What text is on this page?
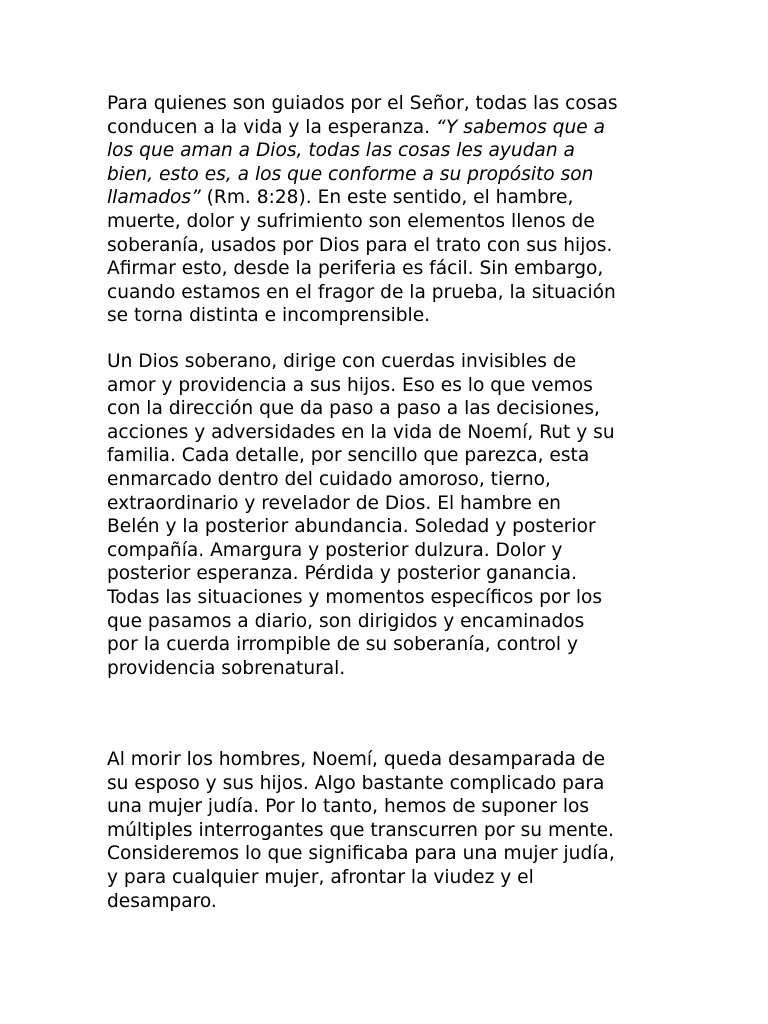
Para quienes son guiados por el Señor, todas las cosas
conducen a la vida y la esperanza. “Y sabemos que a
los que aman a Dios, todas las cosas les ayudan a
bien, esto es, a los que conforme a su propósito son
llamados” (Rm. 8:28). En este sentido, el hambre,
muerte, dolor y sufrimiento son elementos llenos de
soberanía, usados por Dios para el trato con sus hijos.
Afirmar esto, desde la periferia es fácil. Sin embargo,
cuando estamos en el fragor de la prueba, la situación
se torna distinta e incomprensible.

Un Dios soberano, dirige con cuerdas invisibles de
amor y providencia a sus hijos. Eso es lo que vemos
con la dirección que da paso a paso a las decisiones,
acciones y adversidades en la vida de Noemí, Rut y su
familia. Cada detalle, por sencillo que parezca, esta
enmarcado dentro del cuidado amoroso, tierno,
extraordinario y revelador de Dios. El hambre en
Belén y la posterior abundancia. Soledad y posterior
compañía. Amargura y posterior dulzura. Dolor y
posterior esperanza. Pérdida y posterior ganancia.
Todas las situaciones y momentos específicos por los
que pasamos a diario, son dirigidos y encaminados
por la cuerda irrompible de su soberanía, control y
providencia sobrenatural.

Al morir los hombres, Noemí, queda desamparada de
su esposo y sus hijos. Algo bastante complicado para
una mujer judía. Por lo tanto, hemos de suponer los
múltiples interrogantes que transcurren por su mente.
Consideremos lo que significaba para una mujer judía,
y para cualquier mujer, afrontar la viudez y el
desamparo.
